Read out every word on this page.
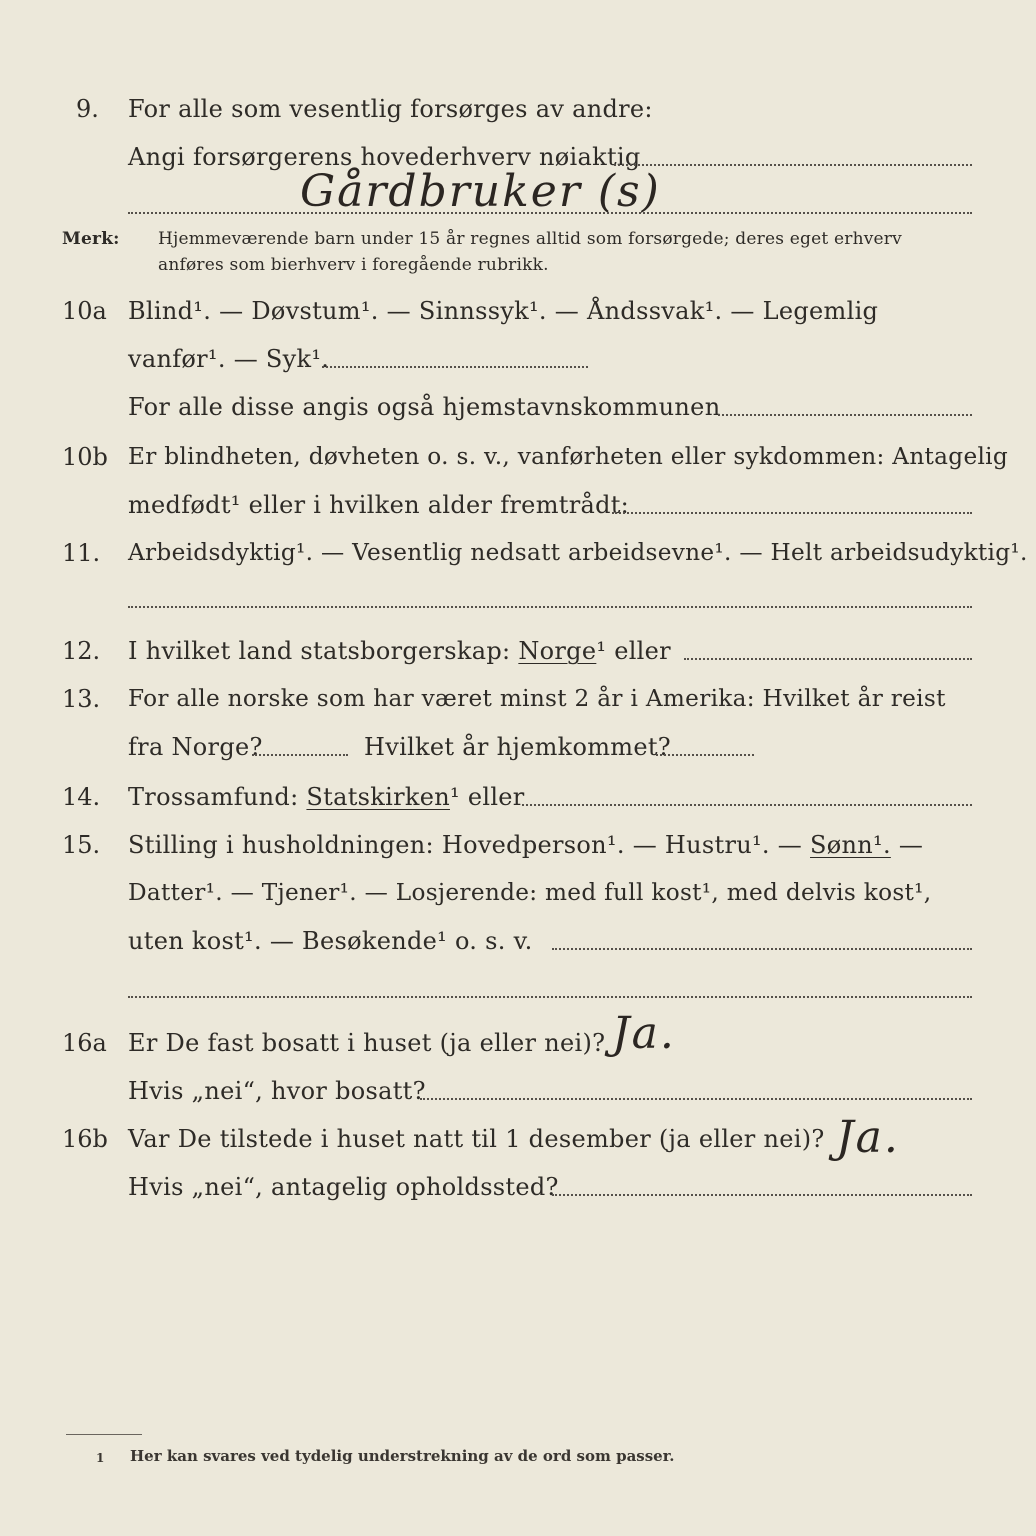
9. For alle som vesentlig forsørges av andre:
Angi forsørgerens hovederhverv nøiaktig
Gårdbruker (s)
Merk: Hjemmeværende barn under 15 år regnes alltid som forsørgede; deres eget erhverv
anføres som bierhverv i foregående rubrikk.
10a Blind¹. — Døvstum¹. — Sinnssyk¹. — Åndssvak¹. — Legemlig
vanfør¹. — Syk¹.
For alle disse angis også hjemstavnskommunen
10b Er blindheten, døvheten o. s. v., vanførheten eller sykdommen: Antagelig
medfødt¹ eller i hvilken alder fremtrådt:
11. Arbeidsdyktig¹. — Vesentlig nedsatt arbeidsevne¹. — Helt arbeidsudyktig¹.
12. I hvilket land statsborgerskap: Norge¹ eller
13. For alle norske som har været minst 2 år i Amerika: Hvilket år reist
fra Norge?	Hvilket år hjemkommet?
14. Trossamfund: Statskirken¹ eller
15. Stilling i husholdningen: Hovedperson¹. — Hustru¹. — Sønn¹. —
Datter¹. — Tjener¹. — Losjerende: med full kost¹, med delvis kost¹,
uten kost¹. — Besøkende¹ o. s. v.
16a Er De fast bosatt i huset (ja eller nei)? Ja.
Hvis „nei“, hvor bosatt?
16b Var De tilstede i huset natt til 1 desember (ja eller nei)? Ja.
Hvis „nei“, antagelig opholdssted?
1 Her kan svares ved tydelig understrekning av de ord som passer.
